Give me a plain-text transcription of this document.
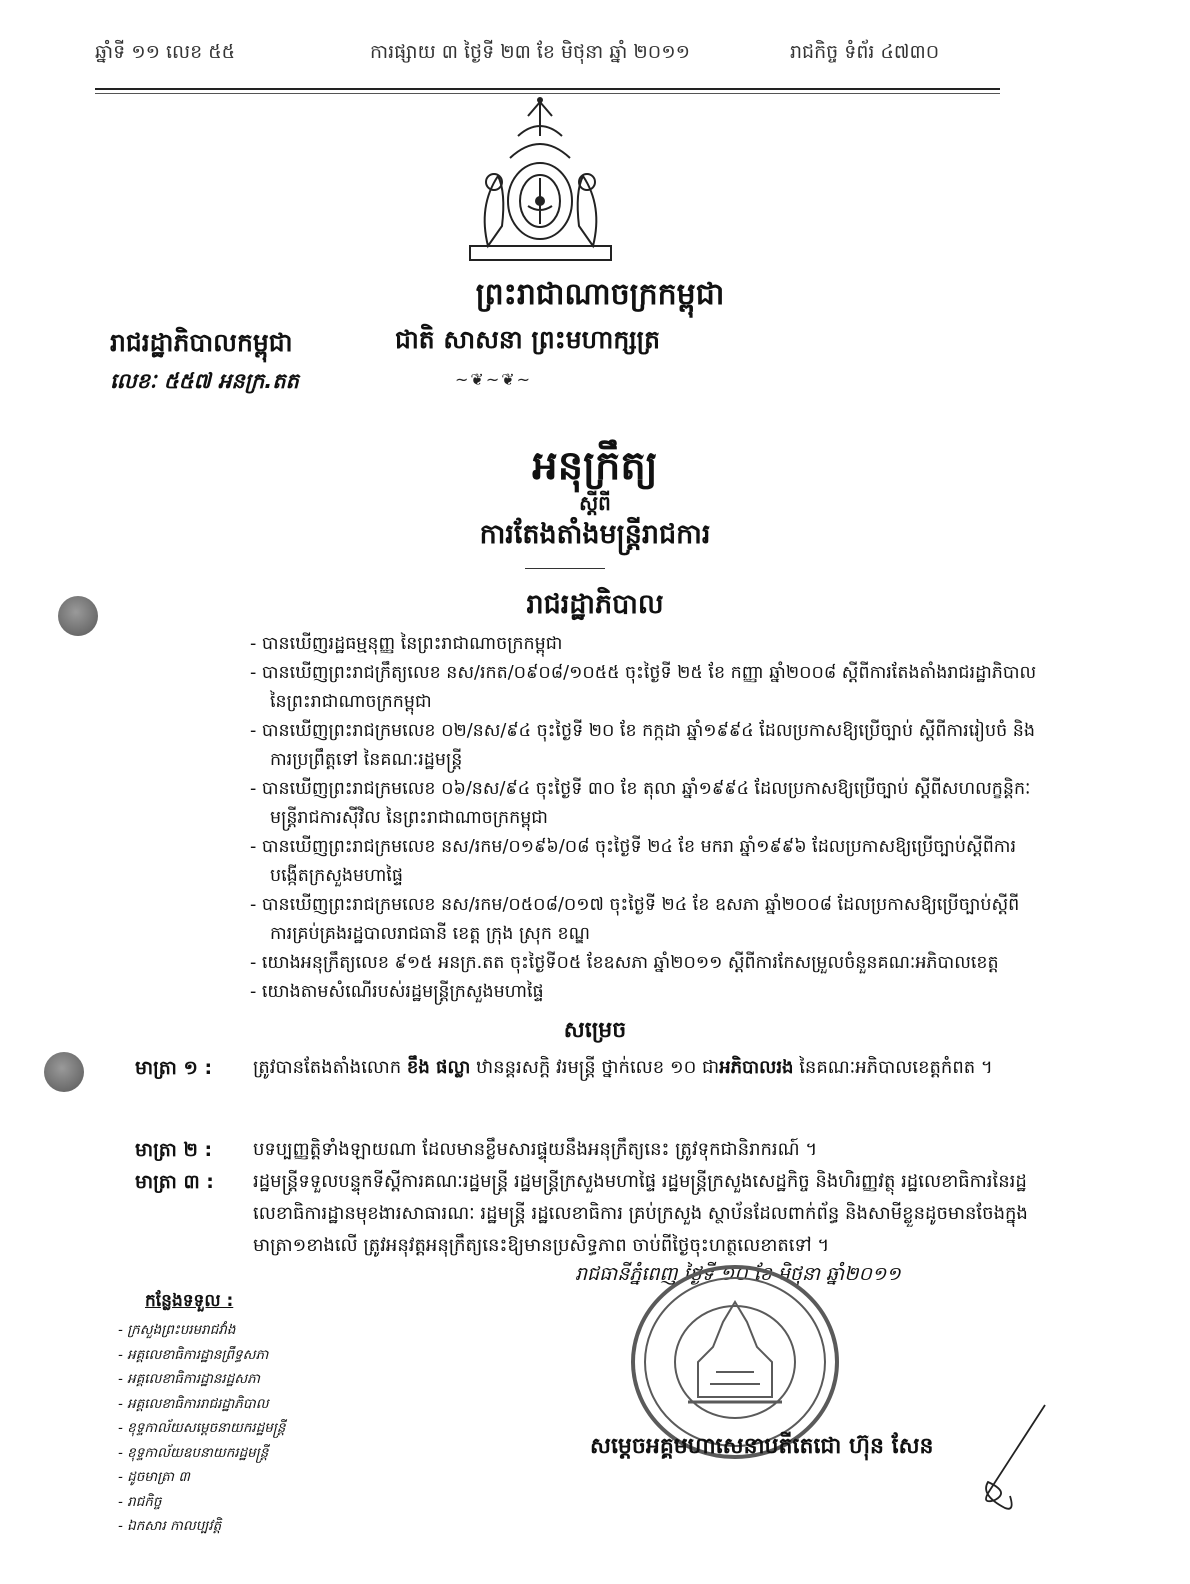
ឆ្នាំទី ១១ លេខ ៥៥	ការផ្សាយ ៣ ថ្ងៃទី ២៣ ខែ មិថុនា ឆ្នាំ ២០១១	រាជកិច្ច ទំព័រ ៤៧៣០
ព្រះរាជាណាចក្រកម្ពុជា
រាជរដ្ឋាភិបាលកម្ពុជា	ជាតិ សាសនា ព្រះមហាក្សត្រ
លេខៈ ៥៥៧ អនក្រ.តត	~❦~❦~
អនុក្រឹត្យ
ស្តីពី
ការតែងតាំងមន្ត្រីរាជការ
រាជរដ្ឋាភិបាល

- បានឃើញរដ្ឋធម្មនុញ្ញ នៃព្រះរាជាណាចក្រកម្ពុជា

- បានឃើញព្រះរាជក្រឹត្យលេខ នស/រកត/០៩០៨/១០៥៥ ចុះថ្ងៃទី ២៥ ខែ កញ្ញា ឆ្នាំ២០០៨ ស្តីពីការតែងតាំងរាជរដ្ឋាភិបាល នៃព្រះរាជាណាចក្រកម្ពុជា

- បានឃើញព្រះរាជក្រមលេខ ០២/នស/៩៤ ចុះថ្ងៃទី ២០ ខែ កក្កដា ឆ្នាំ១៩៩៤ ដែលប្រកាសឱ្យប្រើច្បាប់ ស្តីពីការរៀបចំ និងការប្រព្រឹត្តទៅ នៃគណៈរដ្ឋមន្ត្រី

- បានឃើញព្រះរាជក្រមលេខ ០៦/នស/៩៤ ចុះថ្ងៃទី ៣០ ខែ តុលា ឆ្នាំ១៩៩៤ ដែលប្រកាសឱ្យប្រើច្បាប់ ស្តីពីសហលក្ខន្តិកៈមន្ត្រីរាជការស៊ីវិល នៃព្រះរាជាណាចក្រកម្ពុជា

- បានឃើញព្រះរាជក្រមលេខ នស/រកម/០១៩៦/០៨ ចុះថ្ងៃទី ២៤ ខែ មករា ឆ្នាំ១៩៩៦ ដែលប្រកាសឱ្យប្រើច្បាប់ស្តីពីការបង្កើតក្រសួងមហាផ្ទៃ

- បានឃើញព្រះរាជក្រមលេខ នស/រកម/០៥០៨/០១៧ ចុះថ្ងៃទី ២៤ ខែ ឧសភា ឆ្នាំ២០០៨ ដែលប្រកាសឱ្យប្រើច្បាប់ស្តីពីការគ្រប់គ្រងរដ្ឋបាលរាជធានី ខេត្ត ក្រុង ស្រុក ខណ្ឌ

- យោងអនុក្រឹត្យលេខ ៩១៥ អនក្រ.តត ចុះថ្ងៃទី០៥ ខែឧសភា ឆ្នាំ២០១១ ស្តីពីការកែសម្រួលចំនួនគណៈអភិបាលខេត្ត

- យោងតាមសំណើរបស់រដ្ឋមន្ត្រីក្រសួងមហាផ្ទៃ

សម្រេច
មាត្រា ១ : ត្រូវបានតែងតាំងលោក ខឹង ផល្លា ឋានន្តរសក្តិ វរមន្ត្រី ថ្នាក់លេខ ១០ ជាអភិបាលរង នៃគណៈអភិបាលខេត្តកំពត ។
មាត្រា ២ : បទប្បញ្ញត្តិទាំងឡាយណា ដែលមានខ្លឹមសារផ្ទុយនឹងអនុក្រឹត្យនេះ ត្រូវទុកជានិរាករណ៍ ។
មាត្រា ៣ : រដ្ឋមន្ត្រីទទួលបន្ទុកទីស្តីការគណៈរដ្ឋមន្ត្រី រដ្ឋមន្ត្រីក្រសួងមហាផ្ទៃ រដ្ឋមន្ត្រីក្រសួងសេដ្ឋកិច្ច និងហិរញ្ញវត្ថុ រដ្ឋលេខាធិការនៃរដ្ឋលេខាធិការដ្ឋានមុខងារសាធារណៈ រដ្ឋមន្ត្រី រដ្ឋលេខាធិការ គ្រប់ក្រសួង ស្ថាប័នដែលពាក់ព័ន្ធ និងសាមីខ្លួនដូចមានចែងក្នុងមាត្រា១ខាងលើ ត្រូវអនុវត្តអនុក្រឹត្យនេះឱ្យមានប្រសិទ្ធភាព ចាប់ពីថ្ងៃចុះហត្ថលេខាតទៅ ។
រាជធានីភ្នំពេញ ថ្ងៃទី ១០ ខែ មិថុនា ឆ្នាំ២០១១
កន្លែងទទួល :
- ក្រសួងព្រះបរមរាជវាំង
- អគ្គលេខាធិការដ្ឋានព្រឹទ្ធសភា
- អគ្គលេខាធិការដ្ឋានរដ្ឋសភា
- អគ្គលេខាធិការរាជរដ្ឋាភិបាល
- ខុទ្ទកាល័យសម្តេចនាយករដ្ឋមន្ត្រី
- ខុទ្ទកាល័យឧបនាយករដ្ឋមន្ត្រី
- ដូចមាត្រា ៣
- រាជកិច្ច
- ឯកសារ កាលប្បវត្តិ
សម្តេចអគ្គមហាសេនាបតីតេជោ ហ៊ុន សែន
